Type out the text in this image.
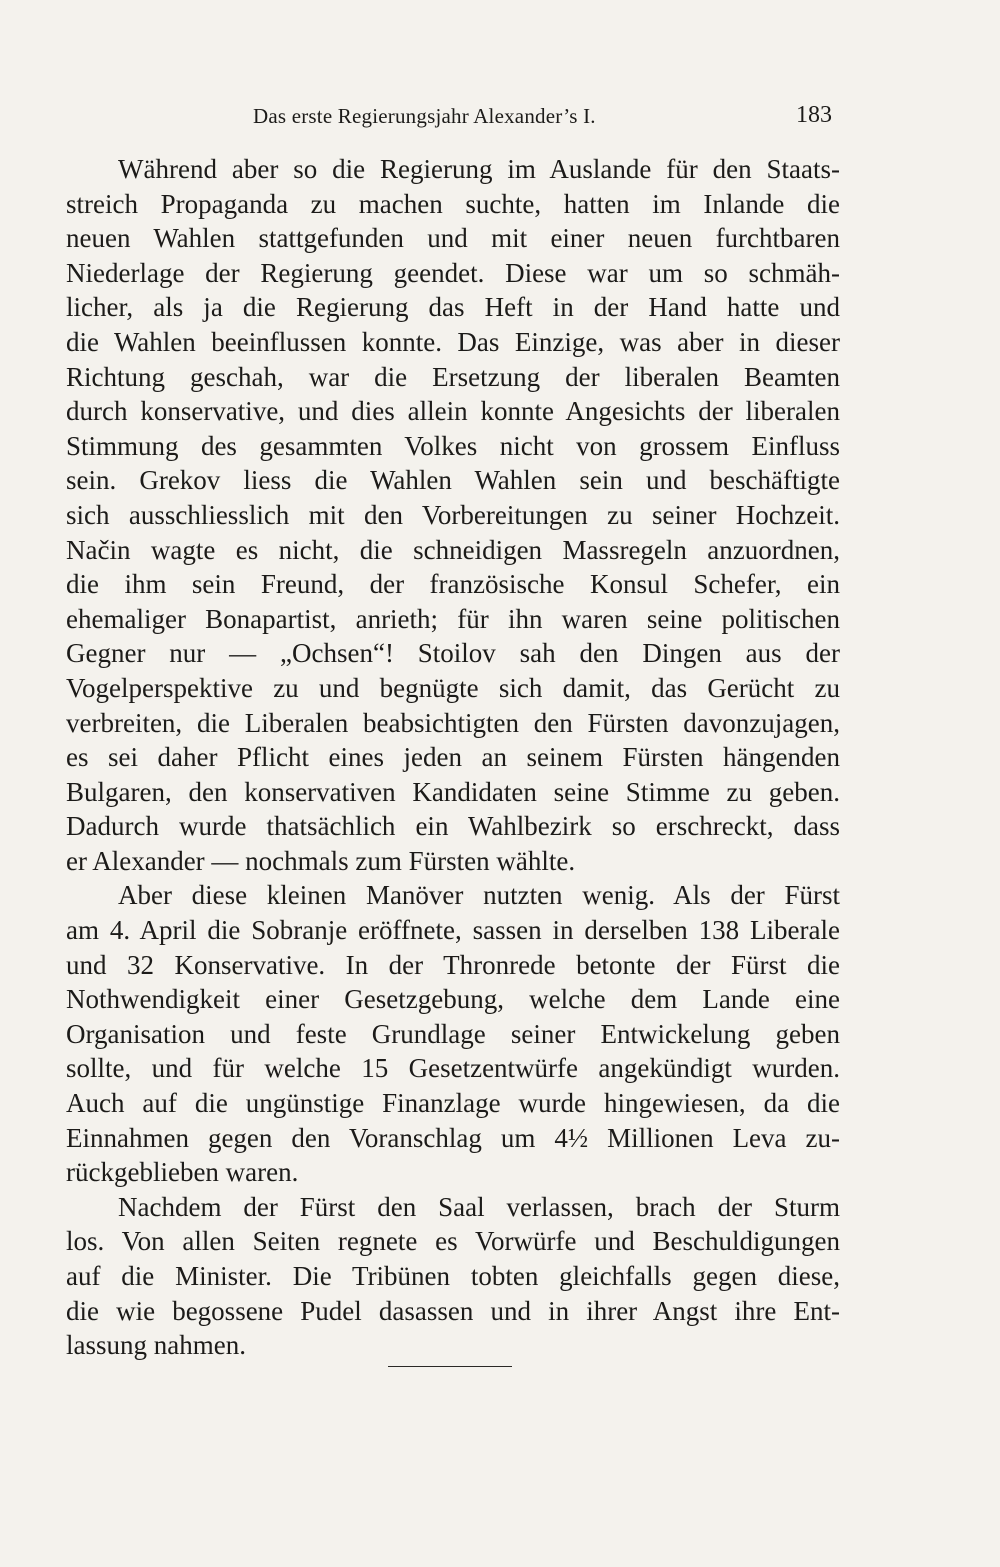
Das erste Regierungsjahr Alexander’s I.	183
Während aber so die Regierung im Auslande für den Staats-
streich Propaganda zu machen suchte, hatten im Inlande die
neuen Wahlen stattgefunden und mit einer neuen furchtbaren
Niederlage der Regierung geendet. Diese war um so schmäh-
licher, als ja die Regierung das Heft in der Hand hatte und
die Wahlen beeinflussen konnte. Das Einzige, was aber in dieser
Richtung geschah, war die Ersetzung der liberalen Beamten
durch konservative, und dies allein konnte Angesichts der liberalen
Stimmung des gesammten Volkes nicht von grossem Einfluss
sein. Grekov liess die Wahlen Wahlen sein und beschäftigte
sich ausschliesslich mit den Vorbereitungen zu seiner Hochzeit.
Način wagte es nicht, die schneidigen Massregeln anzuordnen,
die ihm sein Freund, der französische Konsul Schefer, ein
ehemaliger Bonapartist, anrieth; für ihn waren seine politischen
Gegner nur — „Ochsen“! Stoilov sah den Dingen aus der
Vogelperspektive zu und begnügte sich damit, das Gerücht zu
verbreiten, die Liberalen beabsichtigten den Fürsten davonzujagen,
es sei daher Pflicht eines jeden an seinem Fürsten hängenden
Bulgaren, den konservativen Kandidaten seine Stimme zu geben.
Dadurch wurde thatsächlich ein Wahlbezirk so erschreckt, dass
er Alexander — nochmals zum Fürsten wählte.
Aber diese kleinen Manöver nutzten wenig. Als der Fürst
am 4. April die Sobranje eröffnete, sassen in derselben 138 Liberale
und 32 Konservative. In der Thronrede betonte der Fürst die
Nothwendigkeit einer Gesetzgebung, welche dem Lande eine
Organisation und feste Grundlage seiner Entwickelung geben
sollte, und für welche 15 Gesetzentwürfe angekündigt wurden.
Auch auf die ungünstige Finanzlage wurde hingewiesen, da die
Einnahmen gegen den Voranschlag um 4½ Millionen Leva zu-
rückgeblieben waren.
Nachdem der Fürst den Saal verlassen, brach der Sturm
los. Von allen Seiten regnete es Vorwürfe und Beschuldigungen
auf die Minister. Die Tribünen tobten gleichfalls gegen diese,
die wie begossene Pudel dasassen und in ihrer Angst ihre Ent-
lassung nahmen.
